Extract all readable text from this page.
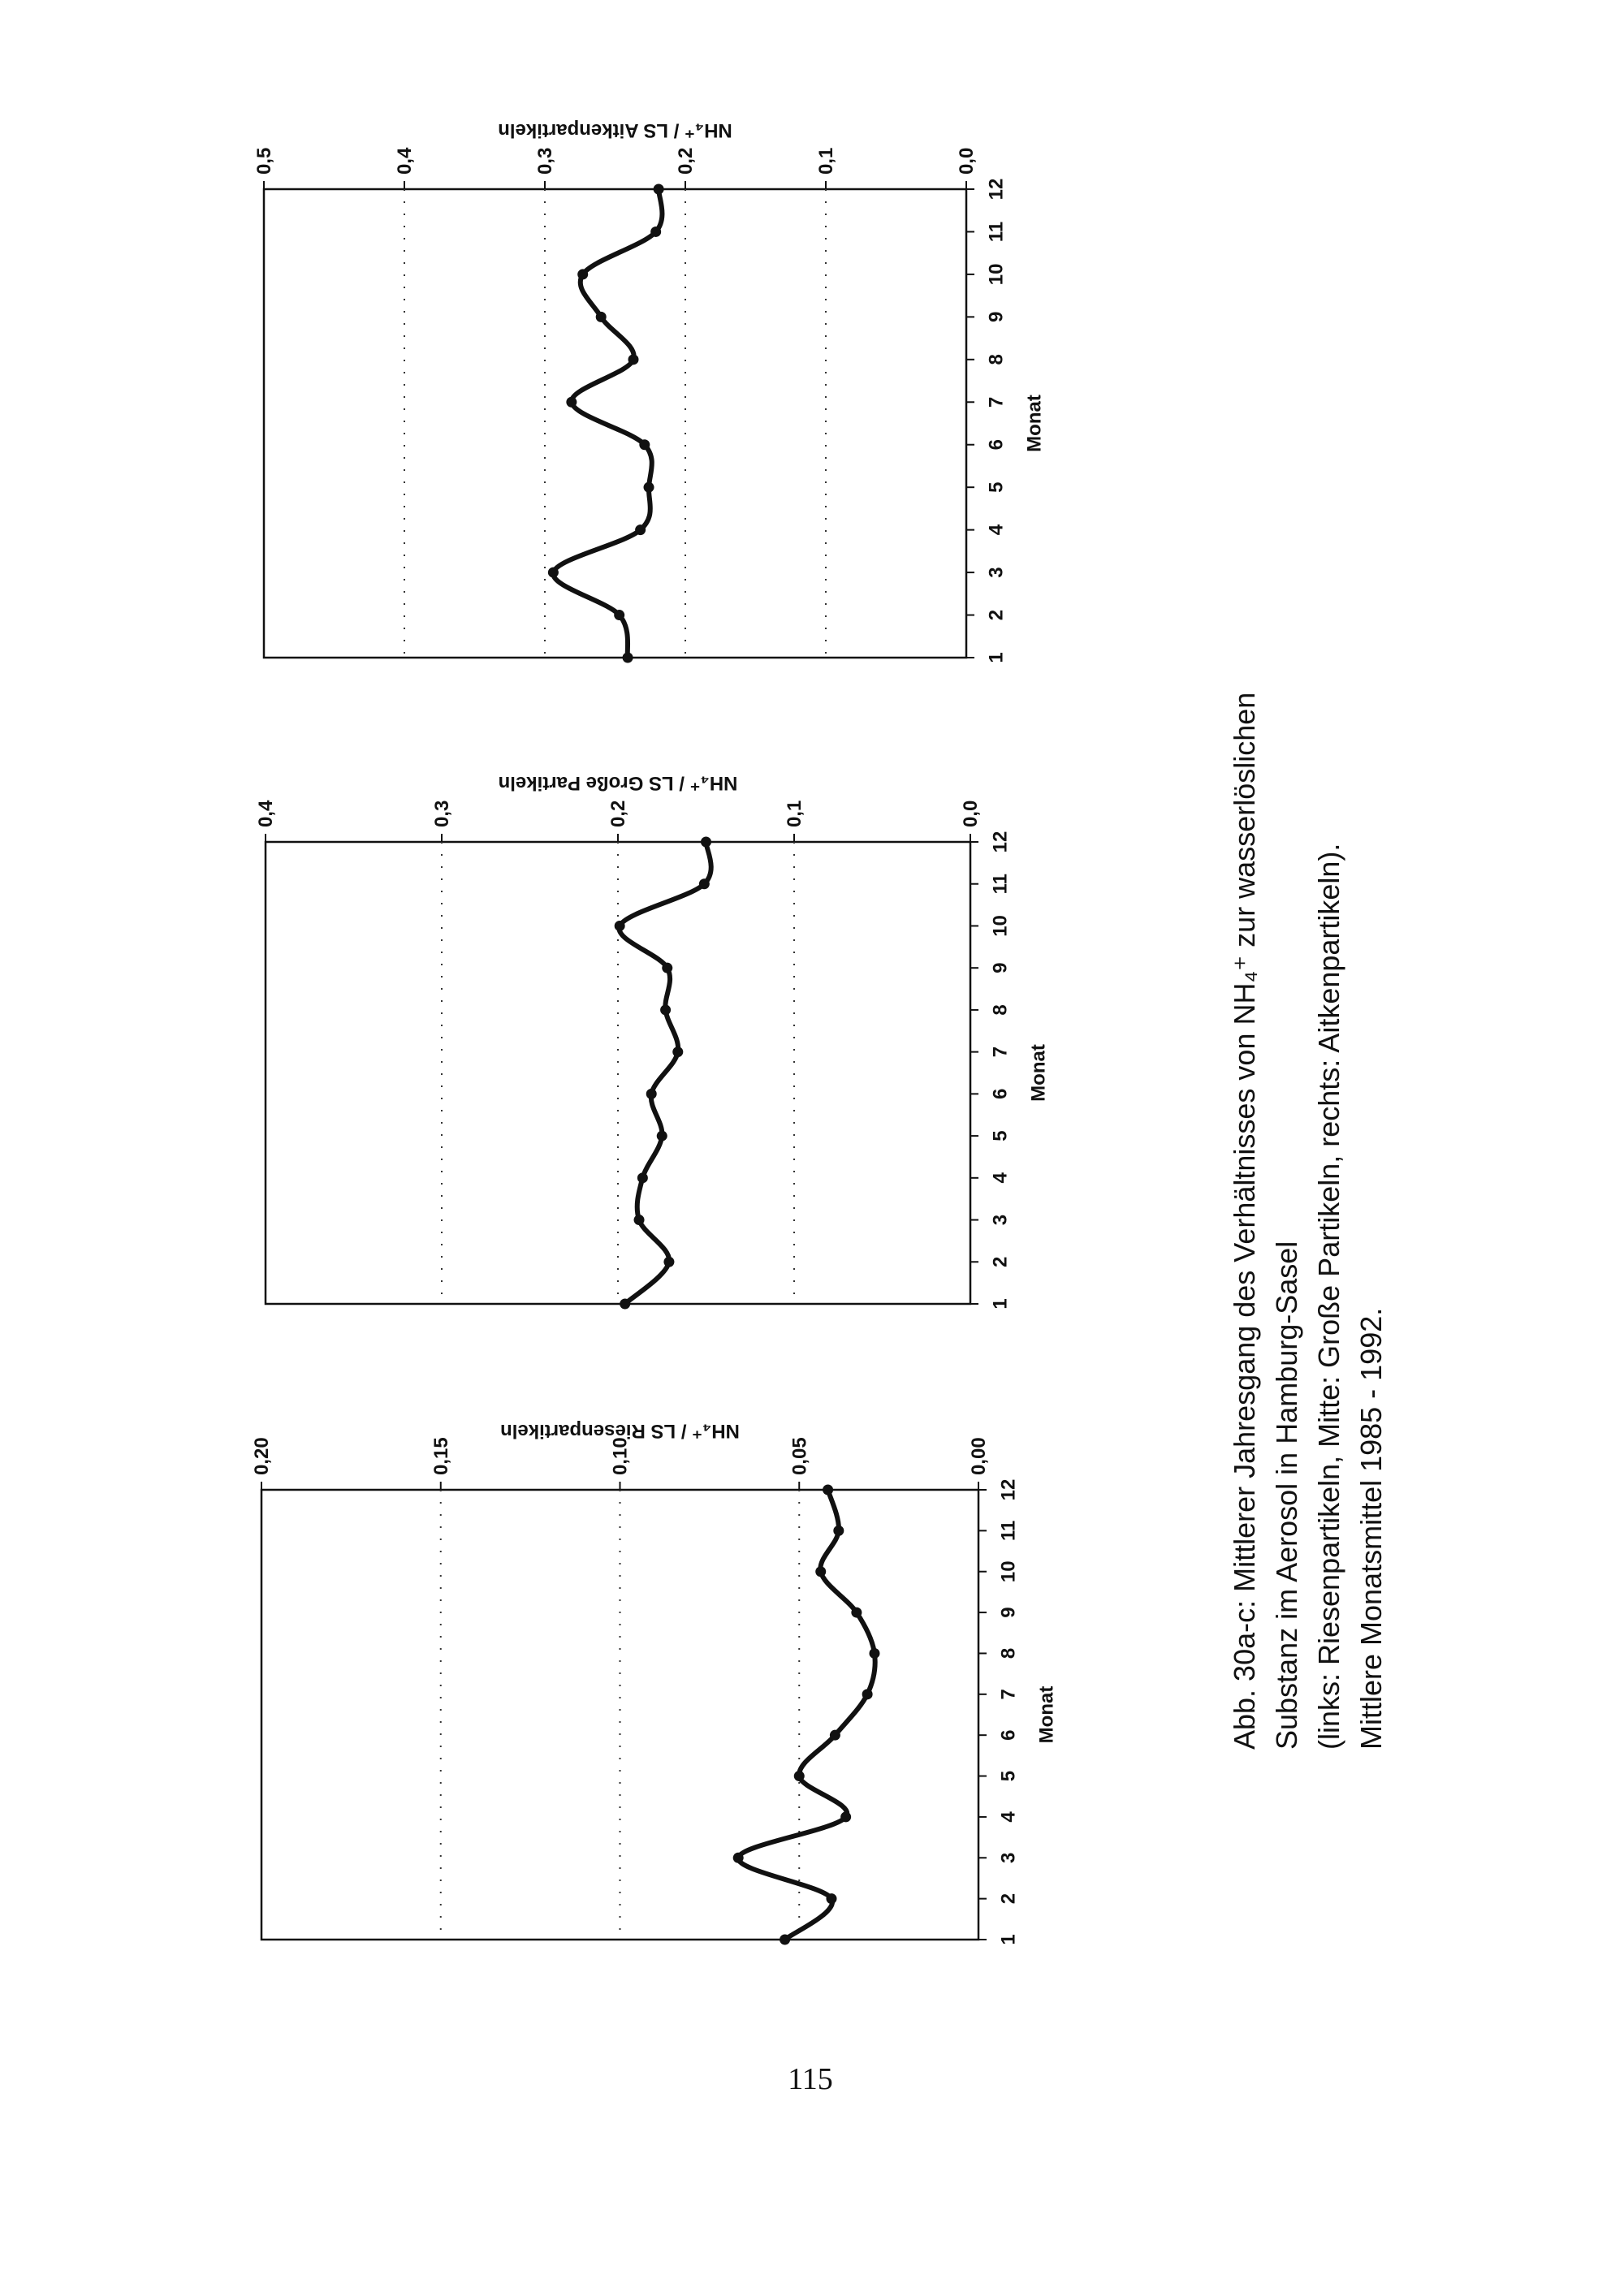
0,00
0,05
0,10
0,15
0,20
1
2
3
4
5
6
7
8
9
10
11
12
Monat
NH₄⁺ / LS Riesenpartikeln
0,0
0,1
0,2
0,3
0,4
1
2
3
4
5
6
7
8
9
10
11
12
Monat
NH₄⁺ / LS Große Partikeln
0,0
0,1
0,2
0,3
0,4
0,5
1
2
3
4
5
6
7
8
9
10
11
12
Monat
NH₄⁺ / LS Aitkenpartikeln
Abb. 30a-c: Mittlerer Jahresgang des Verhältnisses von NH₄⁺ zur wasserlöslichen Substanz im Aerosol in Hamburg-Sasel (links: Riesenpartikeln, Mitte: Große Partikeln, rechts: Aitkenpartikeln). Mittlere Monatsmittel 1985 - 1992.
115
